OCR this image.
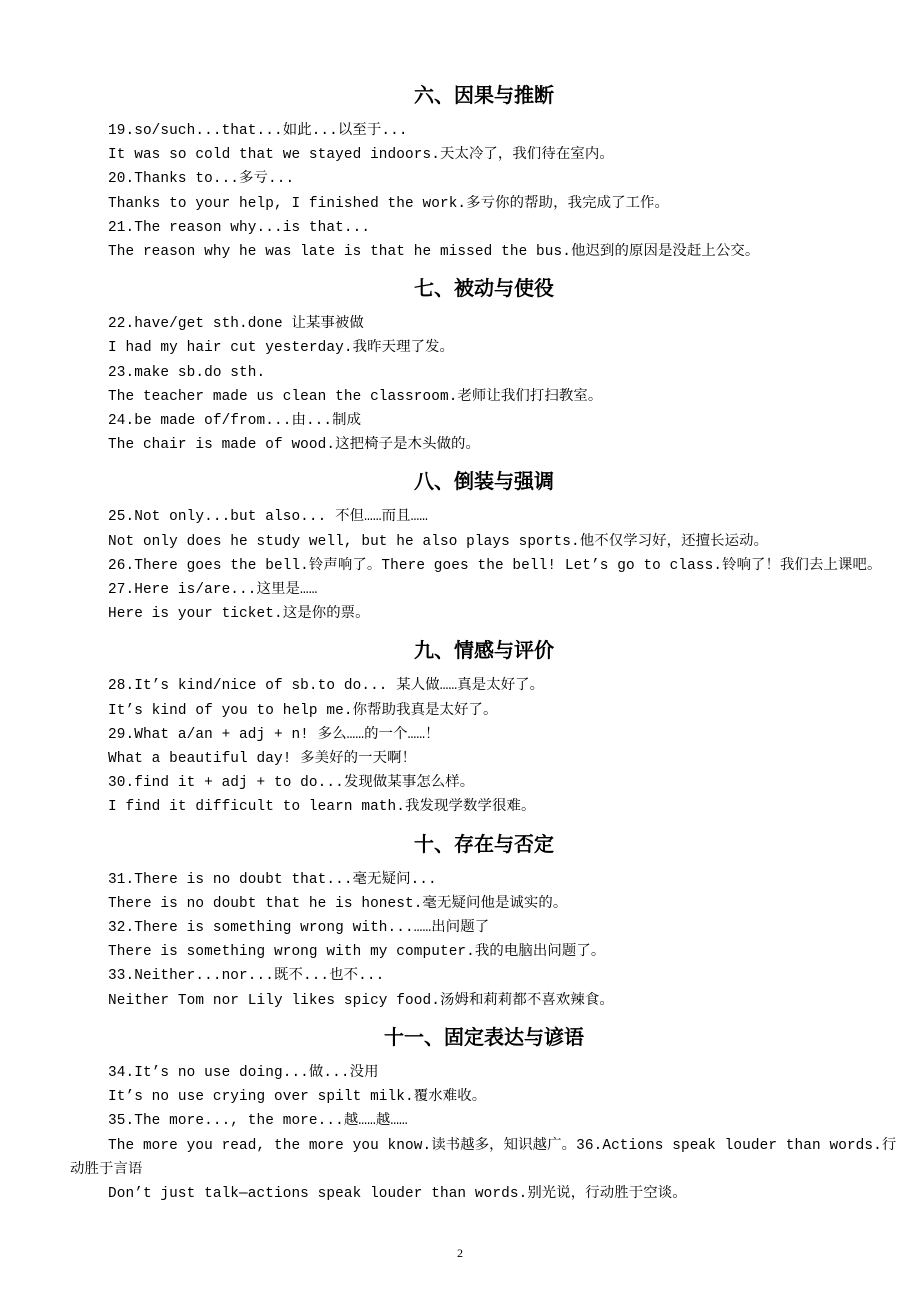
六、因果与推断
19.so/such...that...如此...以至于...
It was so cold that we stayed indoors.天太冷了，我们待在室内。
20.Thanks to...多亏...
Thanks to your help, I finished the work.多亏你的帮助，我完成了工作。
21.The reason why...is that...
The reason why he was late is that he missed the bus.他迟到的原因是没赶上公交。
七、被动与使役
22.have/get sth.done 让某事被做
I had my hair cut yesterday.我昨天理了发。
23.make sb.do sth.
The teacher made us clean the classroom.老师让我们打扫教室。
24.be made of/from...由...制成
The chair is made of wood.这把椅子是木头做的。
八、倒装与强调
25.Not only...but also... 不但……而且……
Not only does he study well, but he also plays sports.他不仅学习好，还擅长运动。
26.There goes the bell.铃声响了。There goes the bell! Let’s go to class.铃响了！我们去上课吧。
27.Here is/are...这里是……
Here is your ticket.这是你的票。
九、情感与评价
28.It’s kind/nice of sb.to do... 某人做……真是太好了。
It’s kind of you to help me.你帮助我真是太好了。
29.What a/an + adj + n! 多么……的一个……！
What a beautiful day! 多美好的一天啊！
30.find it + adj + to do...发现做某事怎么样。
I find it difficult to learn math.我发现学数学很难。
十、存在与否定
31.There is no doubt that...毫无疑问...
There is no doubt that he is honest.毫无疑问他是诚实的。
32.There is something wrong with...……出问题了
There is something wrong with my computer.我的电脑出问题了。
33.Neither...nor...既不...也不...
Neither Tom nor Lily likes spicy food.汤姆和莉莉都不喜欢辣食。
十一、固定表达与谚语
34.It’s no use doing...做...没用
It’s no use crying over spilt milk.覆水难收。
35.The more..., the more...越……越……
The more you read, the more you know.读书越多，知识越广。36.Actions speak louder than words.行动胜于言语
Don’t just talk—actions speak louder than words.别光说，行动胜于空谈。
2
